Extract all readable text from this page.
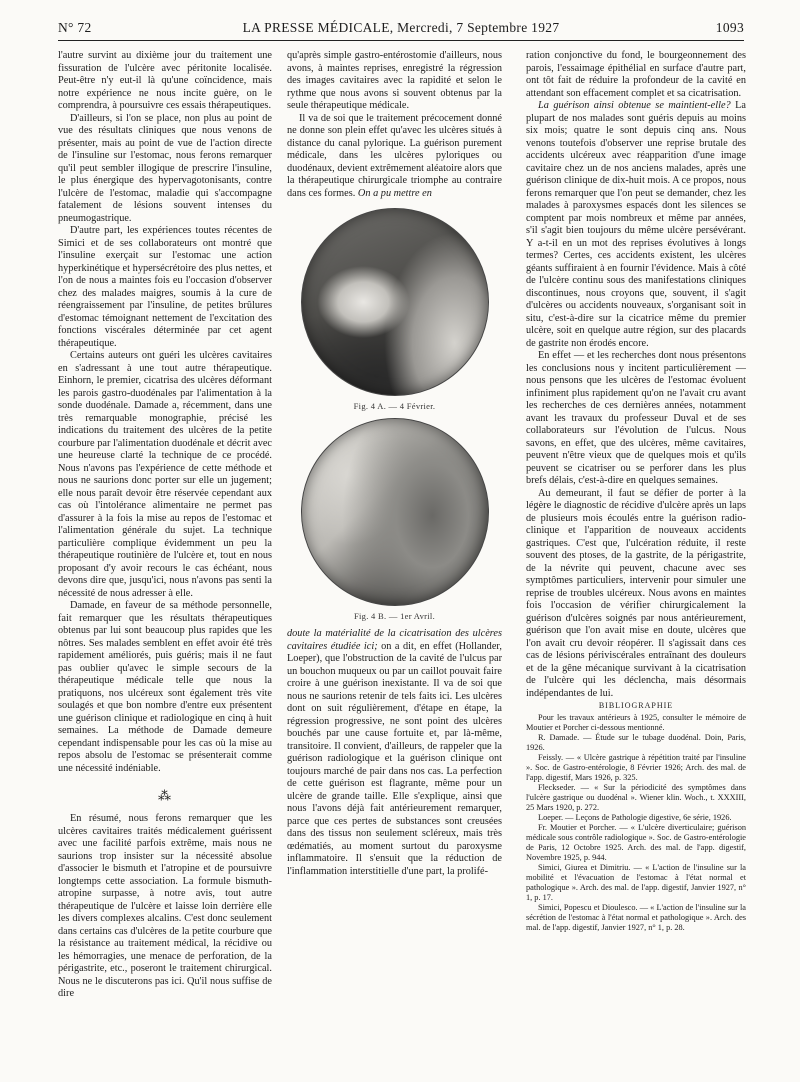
N° 72	LA PRESSE MÉDICALE, Mercredi, 7 Septembre 1927	1093

l'autre survint au dixième jour du traitement une fissuration de l'ulcère avec péritonite localisée. Peut-être n'y eut-il là qu'une coïncidence, mais notre expérience ne nous incite guère, on le comprendra, à poursuivre ces essais thérapeutiques.

D'ailleurs, si l'on se place, non plus au point de vue des résultats cliniques que nous venons de présenter, mais au point de vue de l'action directe de l'insuline sur l'estomac, nous ferons remarquer qu'il peut sembler illogique de prescrire l'insuline, le plus énergique des hypervagotonisants, contre l'ulcère de l'estomac, maladie qui s'accompagne fatalement de lésions souvent intenses du pneumogastrique.

D'autre part, les expériences toutes récentes de Simici et de ses collaborateurs ont montré que l'insuline exerçait sur l'estomac une action hyperkinétique et hypersécrétoire des plus nettes, et l'on de nous a maintes fois eu l'occasion d'observer chez des malades maigres, soumis à la cure de réengraissement par l'insuline, de petites brûlures d'estomac témoignant nettement de l'excitation des fonctions viscérales déterminée par cet agent thérapeutique.

Certains auteurs ont guéri les ulcères cavitaires en s'adressant à une tout autre thérapeutique. Einhorn, le premier, cicatrisa des ulcères déformant les parois gastro-duodénales par l'alimentation à la sonde duodénale. Damade a, récemment, dans une très remarquable monographie, précisé les indications du traitement des ulcères de la petite courbure par l'alimentation duodénale et décrit avec une heureuse clarté la technique de ce procédé. Nous n'avons pas l'expérience de cette méthode et nous ne saurions donc porter sur elle un jugement; elle nous paraît devoir être réservée cependant aux cas où l'intolérance alimentaire ne permet pas d'assurer à la fois la mise au repos de l'estomac et l'alimentation générale du sujet. La technique particulière complique évidemment un peu la thérapeutique routinière de l'ulcère et, tout en nous proposant d'y avoir recours le cas échéant, nous devons dire que, jusqu'ici, nous n'avons pas senti la nécessité de nous adresser à elle.

Damade, en faveur de sa méthode personnelle, fait remarquer que les résultats thérapeutiques obtenus par lui sont beaucoup plus rapides que les nôtres. Ses malades semblent en effet avoir été très rapidement améliorés, puis guéris; mais il ne faut pas oublier qu'avec le simple secours de la thérapeutique médicale telle que nous la pratiquons, nos ulcéreux sont également très vite soulagés et que bon nombre d'entre eux présentent une guérison clinique et radiologique en cinq à huit semaines. La méthode de Damade demeure cependant indispensable pour les cas où la mise au repos absolu de l'estomac se présenterait comme une nécessité indéniable.

⁂

En résumé, nous ferons remarquer que les ulcères cavitaires traités médicalement guérissent avec une facilité parfois extrême, mais nous ne saurions trop insister sur la nécessité absolue d'associer le bismuth et l'atropine et de poursuivre longtemps cette association. La formule bismuth-atropine surpasse, à notre avis, tout autre thérapeutique de l'ulcère et laisse loin derrière elle les divers complexes alcalins. C'est donc seulement dans certains cas d'ulcères de la petite courbure que la résistance au traitement médical, la récidive ou les hémorragies, une menace de perforation, de la périgastrite, etc., poseront le traitement chirurgical. Nous ne le discuterons pas ici. Qu'il nous suffise de dire

qu'après simple gastro-entérostomie d'ailleurs, nous avons, à maintes reprises, enregistré la régression des images cavitaires avec la rapidité et selon le rythme que nous avons si souvent obtenus par la seule thérapeutique médicale.

Il va de soi que le traitement précocement donné ne donne son plein effet qu'avec les ulcères situés à distance du canal pylorique. La guérison purement médicale, dans les ulcères pyloriques ou duodénaux, devient extrêmement aléatoire alors que la thérapeutique chirurgicale triomphe au contraire dans ces formes. On a pu mettre en

Fig. 4 A. — 4 Février.
Fig. 4 B. — 1er Avril.

doute la matérialité de la cicatrisation des ulcères cavitaires étudiée ici; on a dit, en effet (Hollander, Loeper), que l'obstruction de la cavité de l'ulcus par un bouchon muqueux ou par un caillot pouvait faire croire à une guérison inexistante. Il va de soi que nous ne saurions retenir de tels faits ici. Les ulcères dont on suit régulièrement, d'étape en étape, la régression progressive, ne sont point des ulcères bouchés par une cause fortuite et, par là-même, transitoire. Il convient, d'ailleurs, de rappeler que la guérison radiologique et la guérison clinique ont toujours marché de pair dans nos cas. La perfection de cette guérison est flagrante, même pour un ulcère de grande taille. Elle s'explique, ainsi que nous l'avons déjà fait antérieurement remarquer, parce que ces pertes de substances sont creusées dans des tissus non seulement scléreux, mais très œdématiés, au moment surtout du paroxysme inflammatoire. Il s'ensuit que la réduction de l'inflammation interstitielle d'une part, la prolifé-

ration conjonctive du fond, le bourgeonnement des parois, l'essaimage épithélial en surface d'autre part, ont tôt fait de réduire la profondeur de la cavité en attendant son effacement complet et sa cicatrisation.

La guérison ainsi obtenue se maintient-elle? La plupart de nos malades sont guéris depuis au moins six mois; quatre le sont depuis cinq ans. Nous venons toutefois d'observer une reprise brutale des accidents ulcéreux avec réapparition d'une image cavitaire chez un de nos anciens malades, après une guérison clinique de dix-huit mois. A ce propos, nous ferons remarquer que l'on peut se demander, chez les malades à paroxysmes espacés dont les silences se comptent par mois nombreux et même par années, s'il s'agit bien toujours du même ulcère persévérant. Y a-t-il en un mot des reprises évolutives à longs termes? Certes, ces accidents existent, les ulcères géants suffiraient à en fournir l'évidence. Mais à côté de l'ulcère continu sous des manifestations cliniques discontinues, nous croyons que, souvent, il s'agit d'ulcères ou accidents nouveaux, s'organisant soit in situ, c'est-à-dire sur la cicatrice même du premier ulcère, soit en quelque autre région, sur des placards de gastrite non érodés encore.

En effet — et les recherches dont nous présentons les conclusions nous y incitent particulièrement — nous pensons que les ulcères de l'estomac évoluent infiniment plus rapidement qu'on ne l'avait cru avant les recherches de ces dernières années, notamment avant les travaux du professeur Duval et de ses collaborateurs sur l'évolution de l'ulcus. Nous savons, en effet, que des ulcères, même cavitaires, peuvent n'être vieux que de quelques mois et qu'ils peuvent se cicatriser ou se perforer dans les plus brefs délais, c'est-à-dire en quelques semaines.

Au demeurant, il faut se défier de porter à la légère le diagnostic de récidive d'ulcère après un laps de plusieurs mois écoulés entre la guérison radio-clinique et l'apparition de nouveaux accidents gastriques. C'est que, l'ulcération réduite, il reste souvent des ptoses, de la gastrite, de la périgastrite, de la névrite qui peuvent, chacune avec ses symptômes particuliers, intervenir pour simuler une reprise de troubles ulcéreux. Nous avons en maintes fois l'occasion de vérifier chirurgicalement la guérison d'ulcères soignés par nous antérieurement, guérison que l'on avait mise en doute, ulcères que l'on avait cru devoir réopérer. Il s'agissait dans ces cas de lésions périviscérales entraînant des douleurs et de la gêne mécanique survivant à la cicatrisation de l'ulcère qui les déclencha, mais désormais indépendantes de lui.

BIBLIOGRAPHIE

Pour les travaux antérieurs à 1925, consulter le mémoire de Moutier et Porcher ci-dessous mentionné.

R. Damade. — Étude sur le tubage duodénal. Doin, Paris, 1926.

Feissly. — « Ulcère gastrique à répétition traité par l'insuline ». Soc. de Gastro-entérologie, 8 Février 1926; Arch. des mal. de l'app. digestif, Mars 1926, p. 325.

Fleckseder. — « Sur la périodicité des symptômes dans l'ulcère gastrique ou duodénal ». Wiener klin. Woch., t. XXXIII, 25 Mars 1920, p. 272.

Loeper. — Leçons de Pathologie digestive, 6e série, 1926.

Fr. Moutier et Porcher. — « L'ulcère diverticulaire; guérison médicale sous contrôle radiologique ». Soc. de Gastro-entérologie de Paris, 12 Octobre 1925. Arch. des mal. de l'app. digestif, Novembre 1925, p. 944.

Simici, Giurea et Dimitriu. — « L'action de l'insuline sur la mobilité et l'évacuation de l'estomac à l'état normal et pathologique ». Arch. des mal. de l'app. digestif, Janvier 1927, n° 1, p. 17.

Simici, Popescu et Dioulesco. — « L'action de l'insuline sur la sécrétion de l'estomac à l'état normal et pathologique ». Arch. des mal. de l'app. digestif, Janvier 1927, n° 1, p. 28.
